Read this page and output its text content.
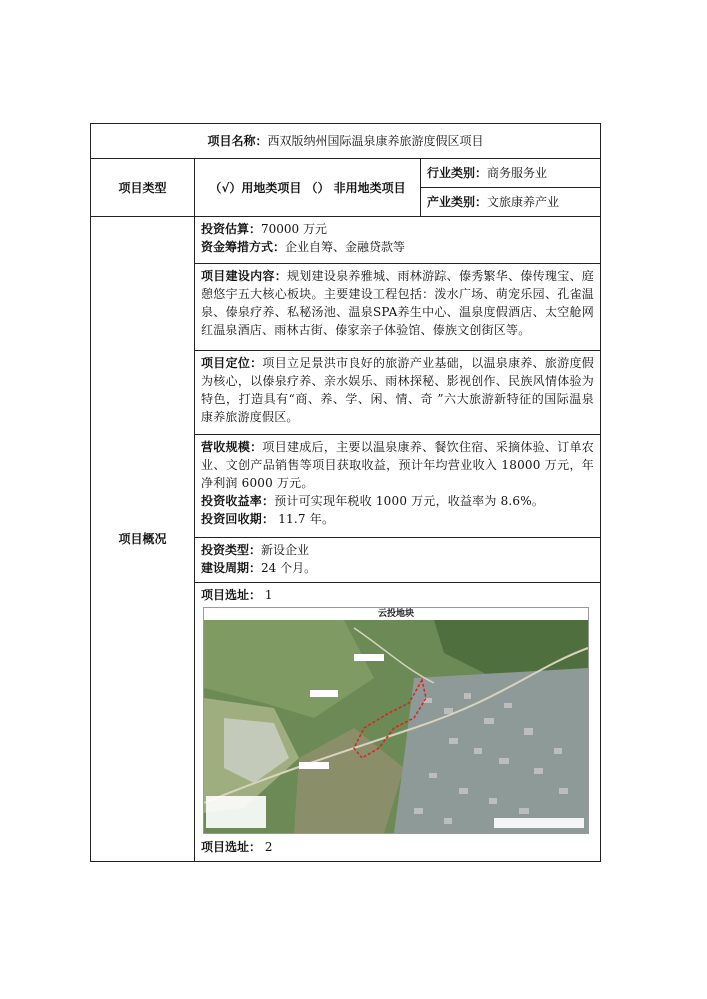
项目名称：西双版纳州国际温泉康养旅游度假区项目		
项目类型	（√）用地类项目 （） 非用地类项目	行业类别：商务服务业
		产业类别：文旅康养产业
项目概况	投资估算：70000 万元
资金筹措方式：企业自筹、金融贷款等	

	项目建设内容：规划建设泉养雅城、雨林游踪、傣秀繁华、傣传瑰宝、庭憩悠宇五大核心板块。主要建设工程包括：泼水广场、萌宠乐园、孔雀温泉、傣泉疗养、私秘汤池、温泉SPA养生中心、温泉度假酒店、太空舱网红温泉酒店、雨林古街、傣家亲子体验馆、傣族文创街区等。	
	项目定位：项目立足景洪市良好的旅游产业基础，以温泉康养、旅游度假为核心，以傣泉疗养、亲水娱乐、雨林探秘、影视创作、民族风情体验为特色，打造具有“商、养、学、闲、情、奇 ”六大旅游新特征的国际温泉康养旅游度假区。	

	营收规模：项目建成后，主要以温泉康养、餐饮住宿、采摘体验、订单农业、文创产品销售等项目获取收益，预计年均营业收入 18000 万元，年净利润 6000 万元。
投资收益率：预计可实现年税收 1000 万元，收益率为 8.6%。
投资回收期： 11.7 年。	

	投资类型：新设企业
建设周期：24 个月。	

	项目选址： 1
云投地块
项目选址： 2	
